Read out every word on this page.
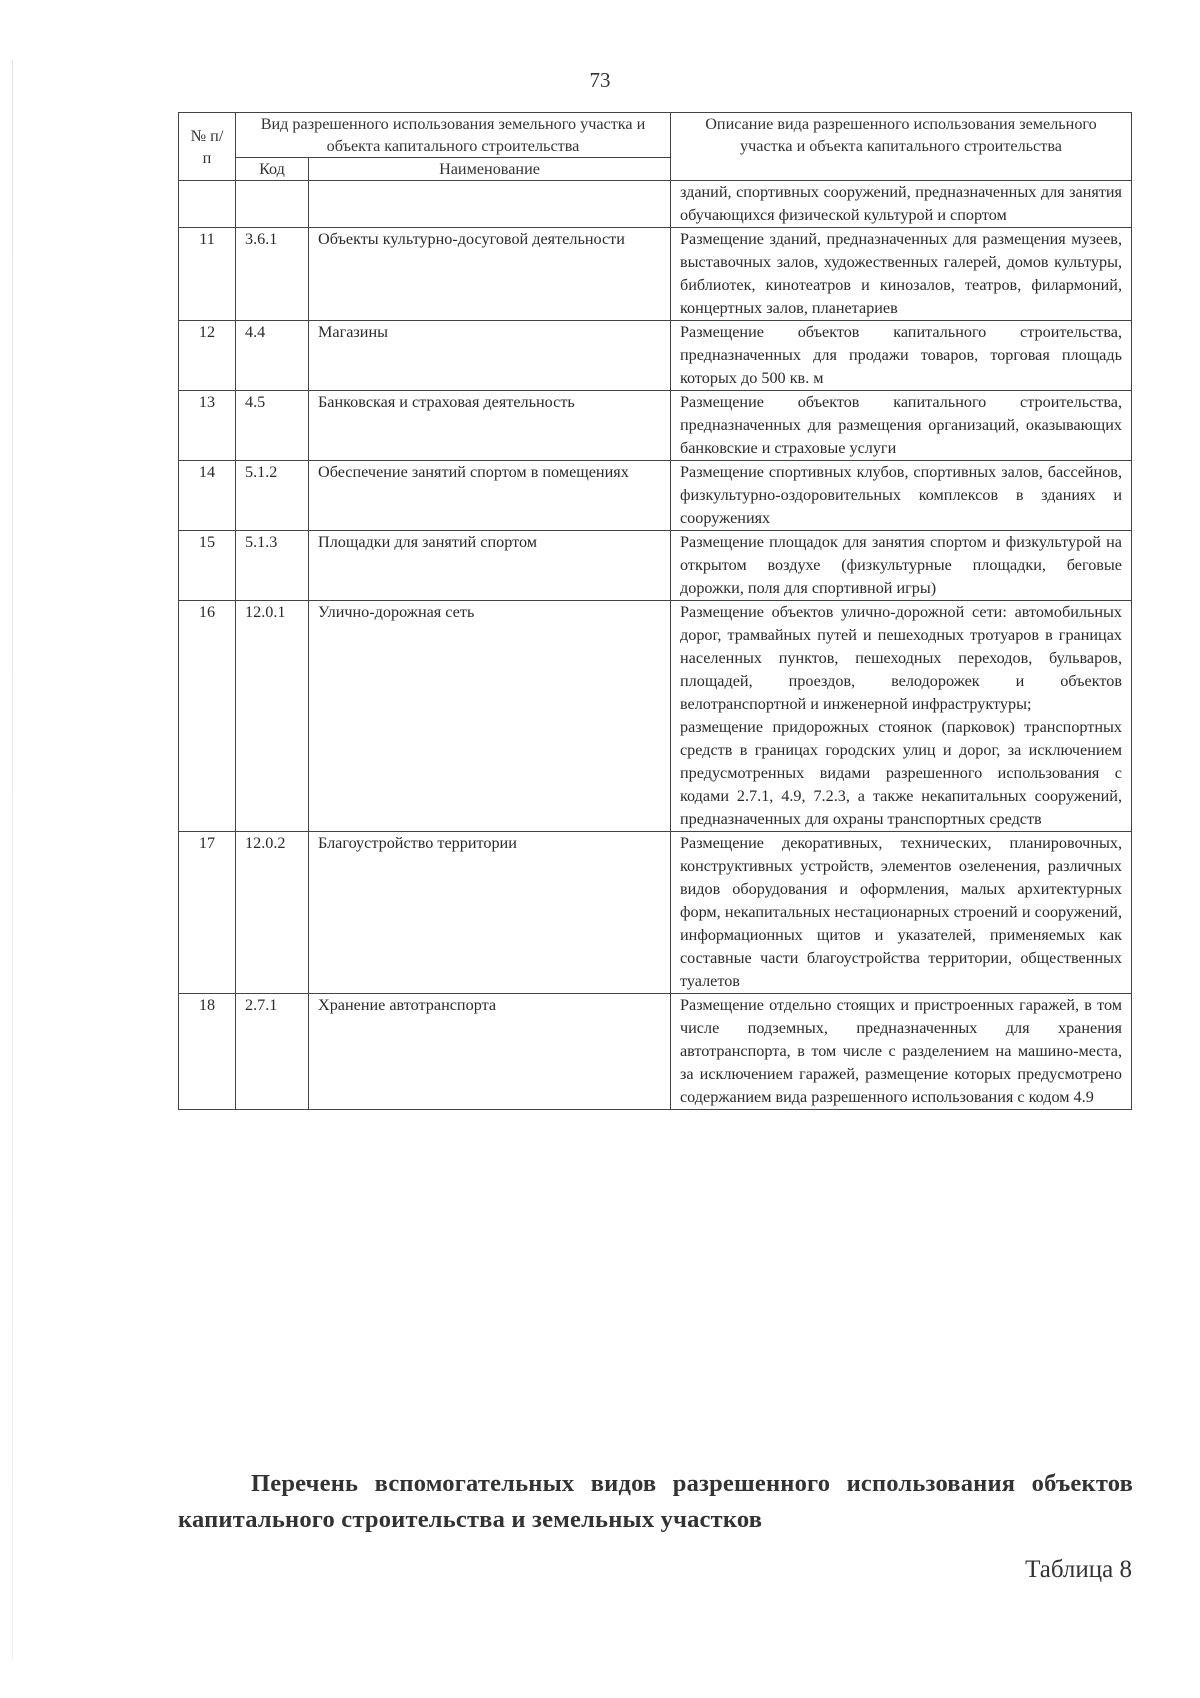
73
№ п/п	Вид разрешенного использования земельного участка и объекта капитального строительства		Описание вида разрешенного использования земельного участка и объекта капитального строительства
	Код	Наименование	

			зданий, спортивных сооружений, предназначенных для занятия обучающихся физической культурой и спортом

11	3.6.1	Объекты культурно-досуговой деятельности	Размещение зданий, предназначенных для размещения музеев, выставочных залов, художественных галерей, домов культуры, библиотек, кинотеатров и кинозалов, театров, филармоний, концертных залов, планетариев

12	4.4	Магазины	Размещение объектов капитального строительства, предназначенных для продажи товаров, торговая площадь которых до 500 кв. м

13	4.5	Банковская и страховая деятельность	Размещение объектов капитального строительства, предназначенных для размещения организаций, оказывающих банковские и страховые услуги

14	5.1.2	Обеспечение занятий спортом в помещениях	Размещение спортивных клубов, спортивных залов, бассейнов, физкультурно-оздоровительных комплексов в зданиях и сооружениях

15	5.1.3	Площадки для занятий спортом	Размещение площадок для занятия спортом и физкультурой на открытом воздухе (физкультурные площадки, беговые дорожки, поля для спортивной игры)

16	12.0.1	Улично-дорожная сеть	Размещение объектов улично-дорожной сети: автомобильных дорог, трамвайных путей и пешеходных тротуаров в границах населенных пунктов, пешеходных переходов, бульваров, площадей, проездов, велодорожек и объектов велотранспортной и инженерной инфраструктуры;

размещение придорожных стоянок (парковок) транспортных средств в границах городских улиц и дорог, за исключением предусмотренных видами разрешенного использования с кодами 2.7.1, 4.9, 7.2.3, а также некапитальных сооружений, предназначенных для охраны транспортных средств

17	12.0.2	Благоустройство территории	Размещение декоративных, технических, планировочных, конструктивных устройств, элементов озеленения, различных видов оборудования и оформления, малых архитектурных форм, некапитальных нестационарных строений и сооружений, информационных щитов и указателей, применяемых как составные части благоустройства территории, общественных туалетов

18	2.7.1	Хранение автотранспорта	Размещение отдельно стоящих и пристроенных гаражей, в том числе подземных, предназначенных для хранения автотранспорта, в том числе с разделением на машино-места, за исключением гаражей, размещение которых предусмотрено содержанием вида разрешенного использования с кодом 4.9

Перечень вспомогательных видов разрешенного использования объектов капитального строительства и земельных участков
Таблица 8
